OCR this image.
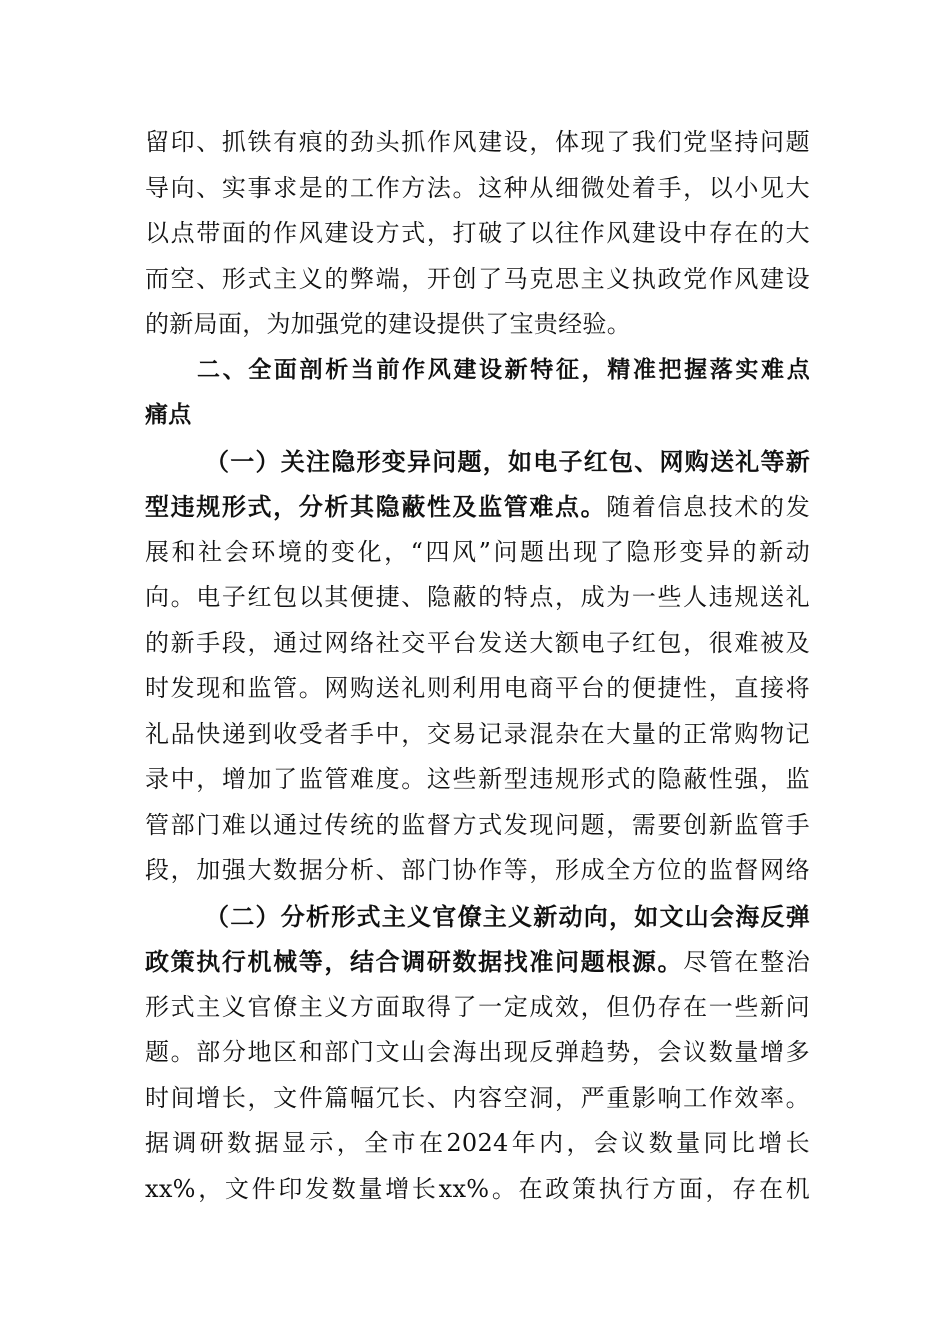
留印、抓铁有痕的劲头抓作风建设，体现了我们党坚持问题
导向、实事求是的工作方法。这种从细微处着手，以小见大
以点带面的作风建设方式，打破了以往作风建设中存在的大
而空、形式主义的弊端，开创了马克思主义执政党作风建设
的新局面，为加强党的建设提供了宝贵经验。
二、全面剖析当前作风建设新特征，精准把握落实难点
痛点
（一）关注隐形变异问题，如电子红包、网购送礼等新
型违规形式，分析其隐蔽性及监管难点。随着信息技术的发
展和社会环境的变化，“四风”问题出现了隐形变异的新动
向。电子红包以其便捷、隐蔽的特点，成为一些人违规送礼
的新手段，通过网络社交平台发送大额电子红包，很难被及
时发现和监管。网购送礼则利用电商平台的便捷性，直接将
礼品快递到收受者手中，交易记录混杂在大量的正常购物记
录中，增加了监管难度。这些新型违规形式的隐蔽性强，监
管部门难以通过传统的监督方式发现问题，需要创新监管手
段，加强大数据分析、部门协作等，形成全方位的监督网络
（二）分析形式主义官僚主义新动向，如文山会海反弹
政策执行机械等，结合调研数据找准问题根源。尽管在整治
形式主义官僚主义方面取得了一定成效，但仍存在一些新问
题。部分地区和部门文山会海出现反弹趋势，会议数量增多
时间增长，文件篇幅冗长、内容空洞，严重影响工作效率。
据调研数据显示，全市在2024年内，会议数量同比增长
xx%，文件印发数量增长xx%。在政策执行方面，存在机
